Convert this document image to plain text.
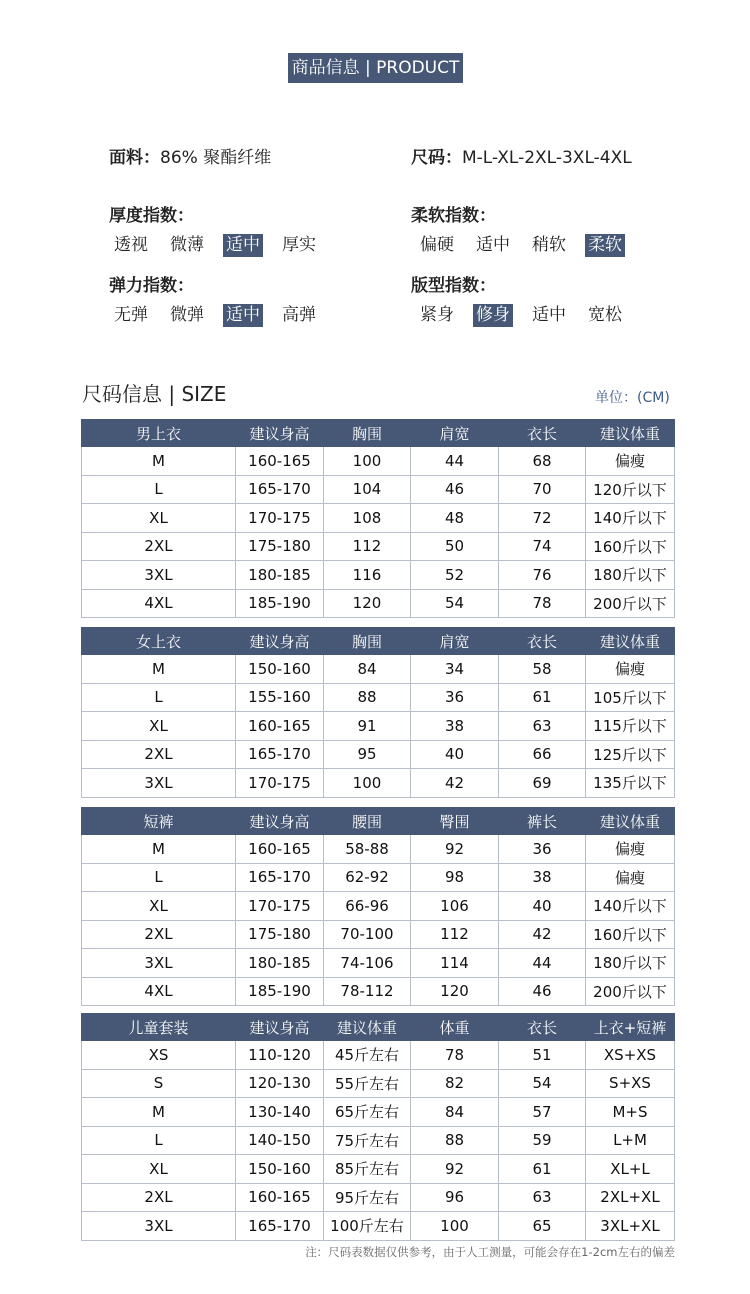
商品信息 | PRODUCT
面料：86% 聚酯纤维	尺码：M-L-XL-2XL-3XL-4XL
厚度指数：
透视	微薄	适中	厚实
柔软指数：
偏硬	适中	稍软	柔软
弹力指数：
无弹	微弹	适中	高弹
版型指数：
紧身	修身	适中	宽松
尺码信息 | SIZE	单位：(CM)
男上衣	建议身高	胸围	肩宽	衣长	建议体重
M	160-165	100	44	68	偏瘦
L	165-170	104	46	70	120斤以下
XL	170-175	108	48	72	140斤以下
2XL	175-180	112	50	74	160斤以下
3XL	180-185	116	52	76	180斤以下
4XL	185-190	120	54	78	200斤以下
女上衣	建议身高	胸围	肩宽	衣长	建议体重
M	150-160	84	34	58	偏瘦
L	155-160	88	36	61	105斤以下
XL	160-165	91	38	63	115斤以下
2XL	165-170	95	40	66	125斤以下
3XL	170-175	100	42	69	135斤以下
短裤	建议身高	腰围	臀围	裤长	建议体重
M	160-165	58-88	92	36	偏瘦
L	165-170	62-92	98	38	偏瘦
XL	170-175	66-96	106	40	140斤以下
2XL	175-180	70-100	112	42	160斤以下
3XL	180-185	74-106	114	44	180斤以下
4XL	185-190	78-112	120	46	200斤以下
儿童套装	建议身高	建议体重	体重	衣长	上衣+短裤
XS	110-120	45斤左右	78	51	XS+XS
S	120-130	55斤左右	82	54	S+XS
M	130-140	65斤左右	84	57	M+S
L	140-150	75斤左右	88	59	L+M
XL	150-160	85斤左右	92	61	XL+L
2XL	160-165	95斤左右	96	63	2XL+XL
3XL	165-170	100斤左右	100	65	3XL+XL
注：尺码表数据仅供参考，由于人工测量，可能会存在1-2cm左右的偏差
